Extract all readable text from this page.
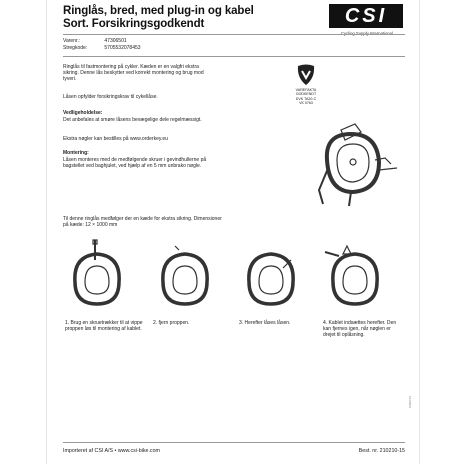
Ringlås, bred, med plug-in og kabel
Sort. Forsikringsgodkendt	CSI
Varenr.:	47306501
Stregkode:	5705532078453
Ringlås til fastmontering på cykler. Kæden er en valgfri ekstra sikring. Denne lås beskytter ved korrekt montering og brug mod tyveri.
Låsen opfylder forsikringskrav til cykellåse.
Vedligeholdelse:
Det anbefales at smøre låsens bevægelige dele regelmæssigt.
Ekstra nøgler kan bestilles på www.orderkey.eu
Montering:
Låsen monteres med de medfølgende skruer i gevindhullerne på bagstellet ved baghjulet, ved hjælp af en 5 mm unbrako nøgle.
VAREFAKTA
GODKENDT
DVK TA20-C
VK 0763
Til denne ringlås medfølger der en kæde for ekstra sikring. Dimensioner på kæde: 12 × 1000 mm
1. Brug en skruetrækker til at vippe proppen løs til montering af kablet.
2. fjern proppen.	3. Herefter låses låsen.	4. Kablet indsættes herefter. Den kan fjernes igen, når nøglen er drejet til oplåsning.
CSI0714
Importeret af CSI A/S • www.csi-bike.com	Best. nr. 210210-15
